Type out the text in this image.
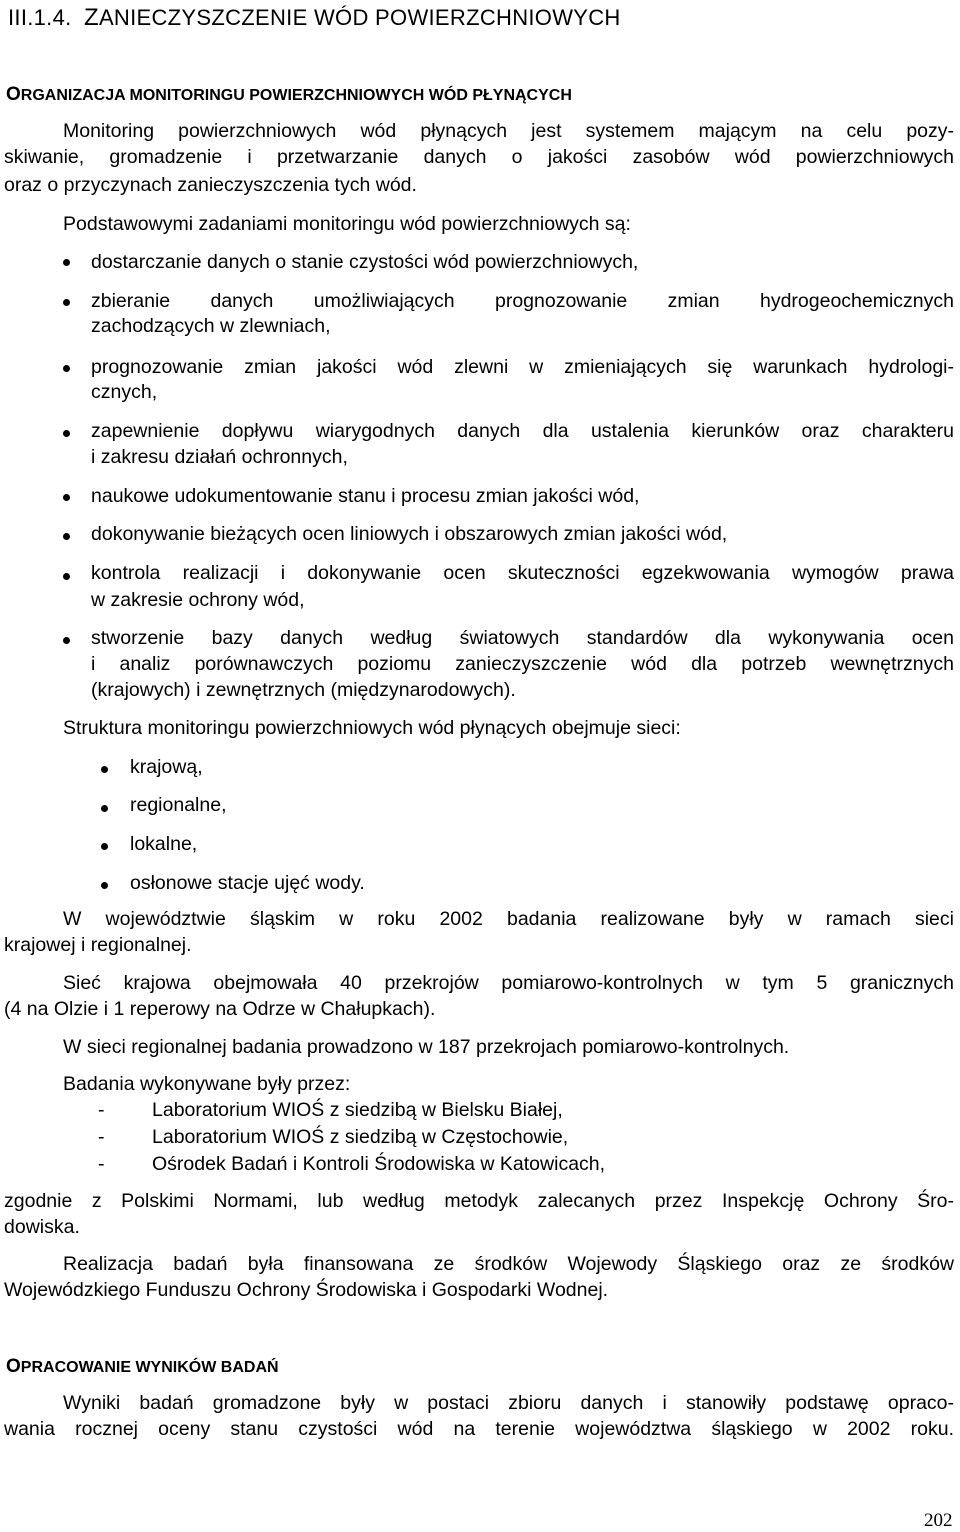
III.1.4. ZANIECZYSZCZENIE WÓD POWIERZCHNIOWYCH
ORGANIZACJA MONITORINGU POWIERZCHNIOWYCH WÓD PŁYNĄCYCH
Monitoring powierzchniowych wód płynących jest systemem mającym na celu pozy-
skiwanie, gromadzenie i przetwarzanie danych o jakości zasobów wód powierzchniowych
oraz o przyczynach zanieczyszczenia tych wód.
Podstawowymi zadaniami monitoringu wód powierzchniowych są:
dostarczanie danych o stanie czystości wód powierzchniowych,
zbieranie danych umożliwiających prognozowanie zmian hydrogeochemicznych
zachodzących w zlewniach,
prognozowanie zmian jakości wód zlewni w zmieniających się warunkach hydrologi-
cznych,
zapewnienie dopływu wiarygodnych danych dla ustalenia kierunków oraz charakteru
i zakresu działań ochronnych,
naukowe udokumentowanie stanu i procesu zmian jakości wód,
dokonywanie bieżących ocen liniowych i obszarowych zmian jakości wód,
kontrola realizacji i dokonywanie ocen skuteczności egzekwowania wymogów prawa
w zakresie ochrony wód,
stworzenie bazy danych według światowych standardów dla wykonywania ocen
i analiz porównawczych poziomu zanieczyszczenie wód dla potrzeb wewnętrznych
(krajowych) i zewnętrznych (międzynarodowych).
Struktura monitoringu powierzchniowych wód płynących obejmuje sieci:
krajową,
regionalne,
lokalne,
osłonowe stacje ujęć wody.
W województwie śląskim w roku 2002 badania realizowane były w ramach sieci
krajowej i regionalnej.
Sieć krajowa obejmowała 40 przekrojów pomiarowo-kontrolnych w tym 5 granicznych
(4 na Olzie i 1 reperowy na Odrze w Chałupkach).
W sieci regionalnej badania prowadzono w 187 przekrojach pomiarowo-kontrolnych.
Badania wykonywane były przez:
- Laboratorium WIOŚ z siedzibą w Bielsku Białej,
- Laboratorium WIOŚ z siedzibą w Częstochowie,
- Ośrodek Badań i Kontroli Środowiska w Katowicach,
zgodnie z Polskimi Normami, lub według metodyk zalecanych przez Inspekcję Ochrony Śro-
dowiska.
Realizacja badań była finansowana ze środków Wojewody Śląskiego oraz ze środków
Wojewódzkiego Funduszu Ochrony Środowiska i Gospodarki Wodnej.
OPRACOWANIE WYNIKÓW BADAŃ
Wyniki badań gromadzone były w postaci zbioru danych i stanowiły podstawę opraco-
wania rocznej oceny stanu czystości wód na terenie województwa śląskiego w 2002 roku.
202
